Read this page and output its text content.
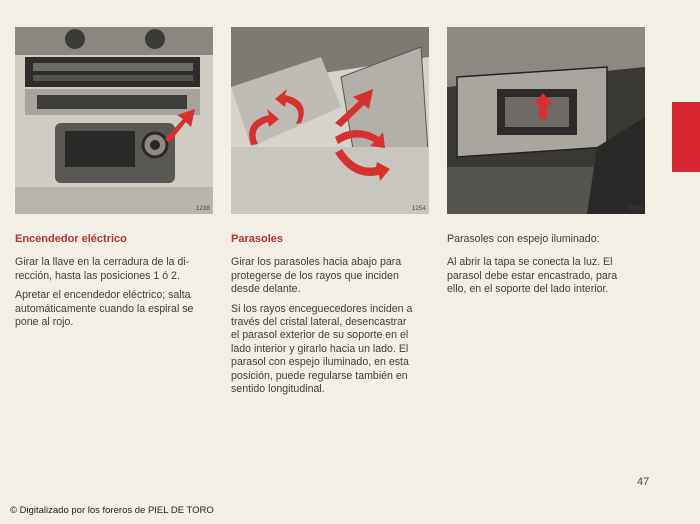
1238	1254	9768
Encendedor eléctrico

Girar la llave en la cerradura de la di-
rección, hasta las posiciones 1 ó 2.

Apretar el encendedor eléctrico; salta
automáticamente cuando la espiral se
pone al rojo.

Parasoles

Girar los parasoles hacia abajo para
protegerse de los rayos que inciden
desde delante.

Si los rayos enceguecedores inciden a
través del cristal lateral, desencastrar
el parasol exterior de su soporte en el
lado interior y girarlo hacia un lado. El
parasol con espejo iluminado, en esta
posición, puede regularse también en
sentido longitudinal.

Parasoles con espejo iluminado:

Al abrir la tapa se conecta la luz. El
parasol debe estar encastrado, para
ello, en el soporte del lado interior.

47
© Digitalizado por los foreros de PIEL DE TORO
